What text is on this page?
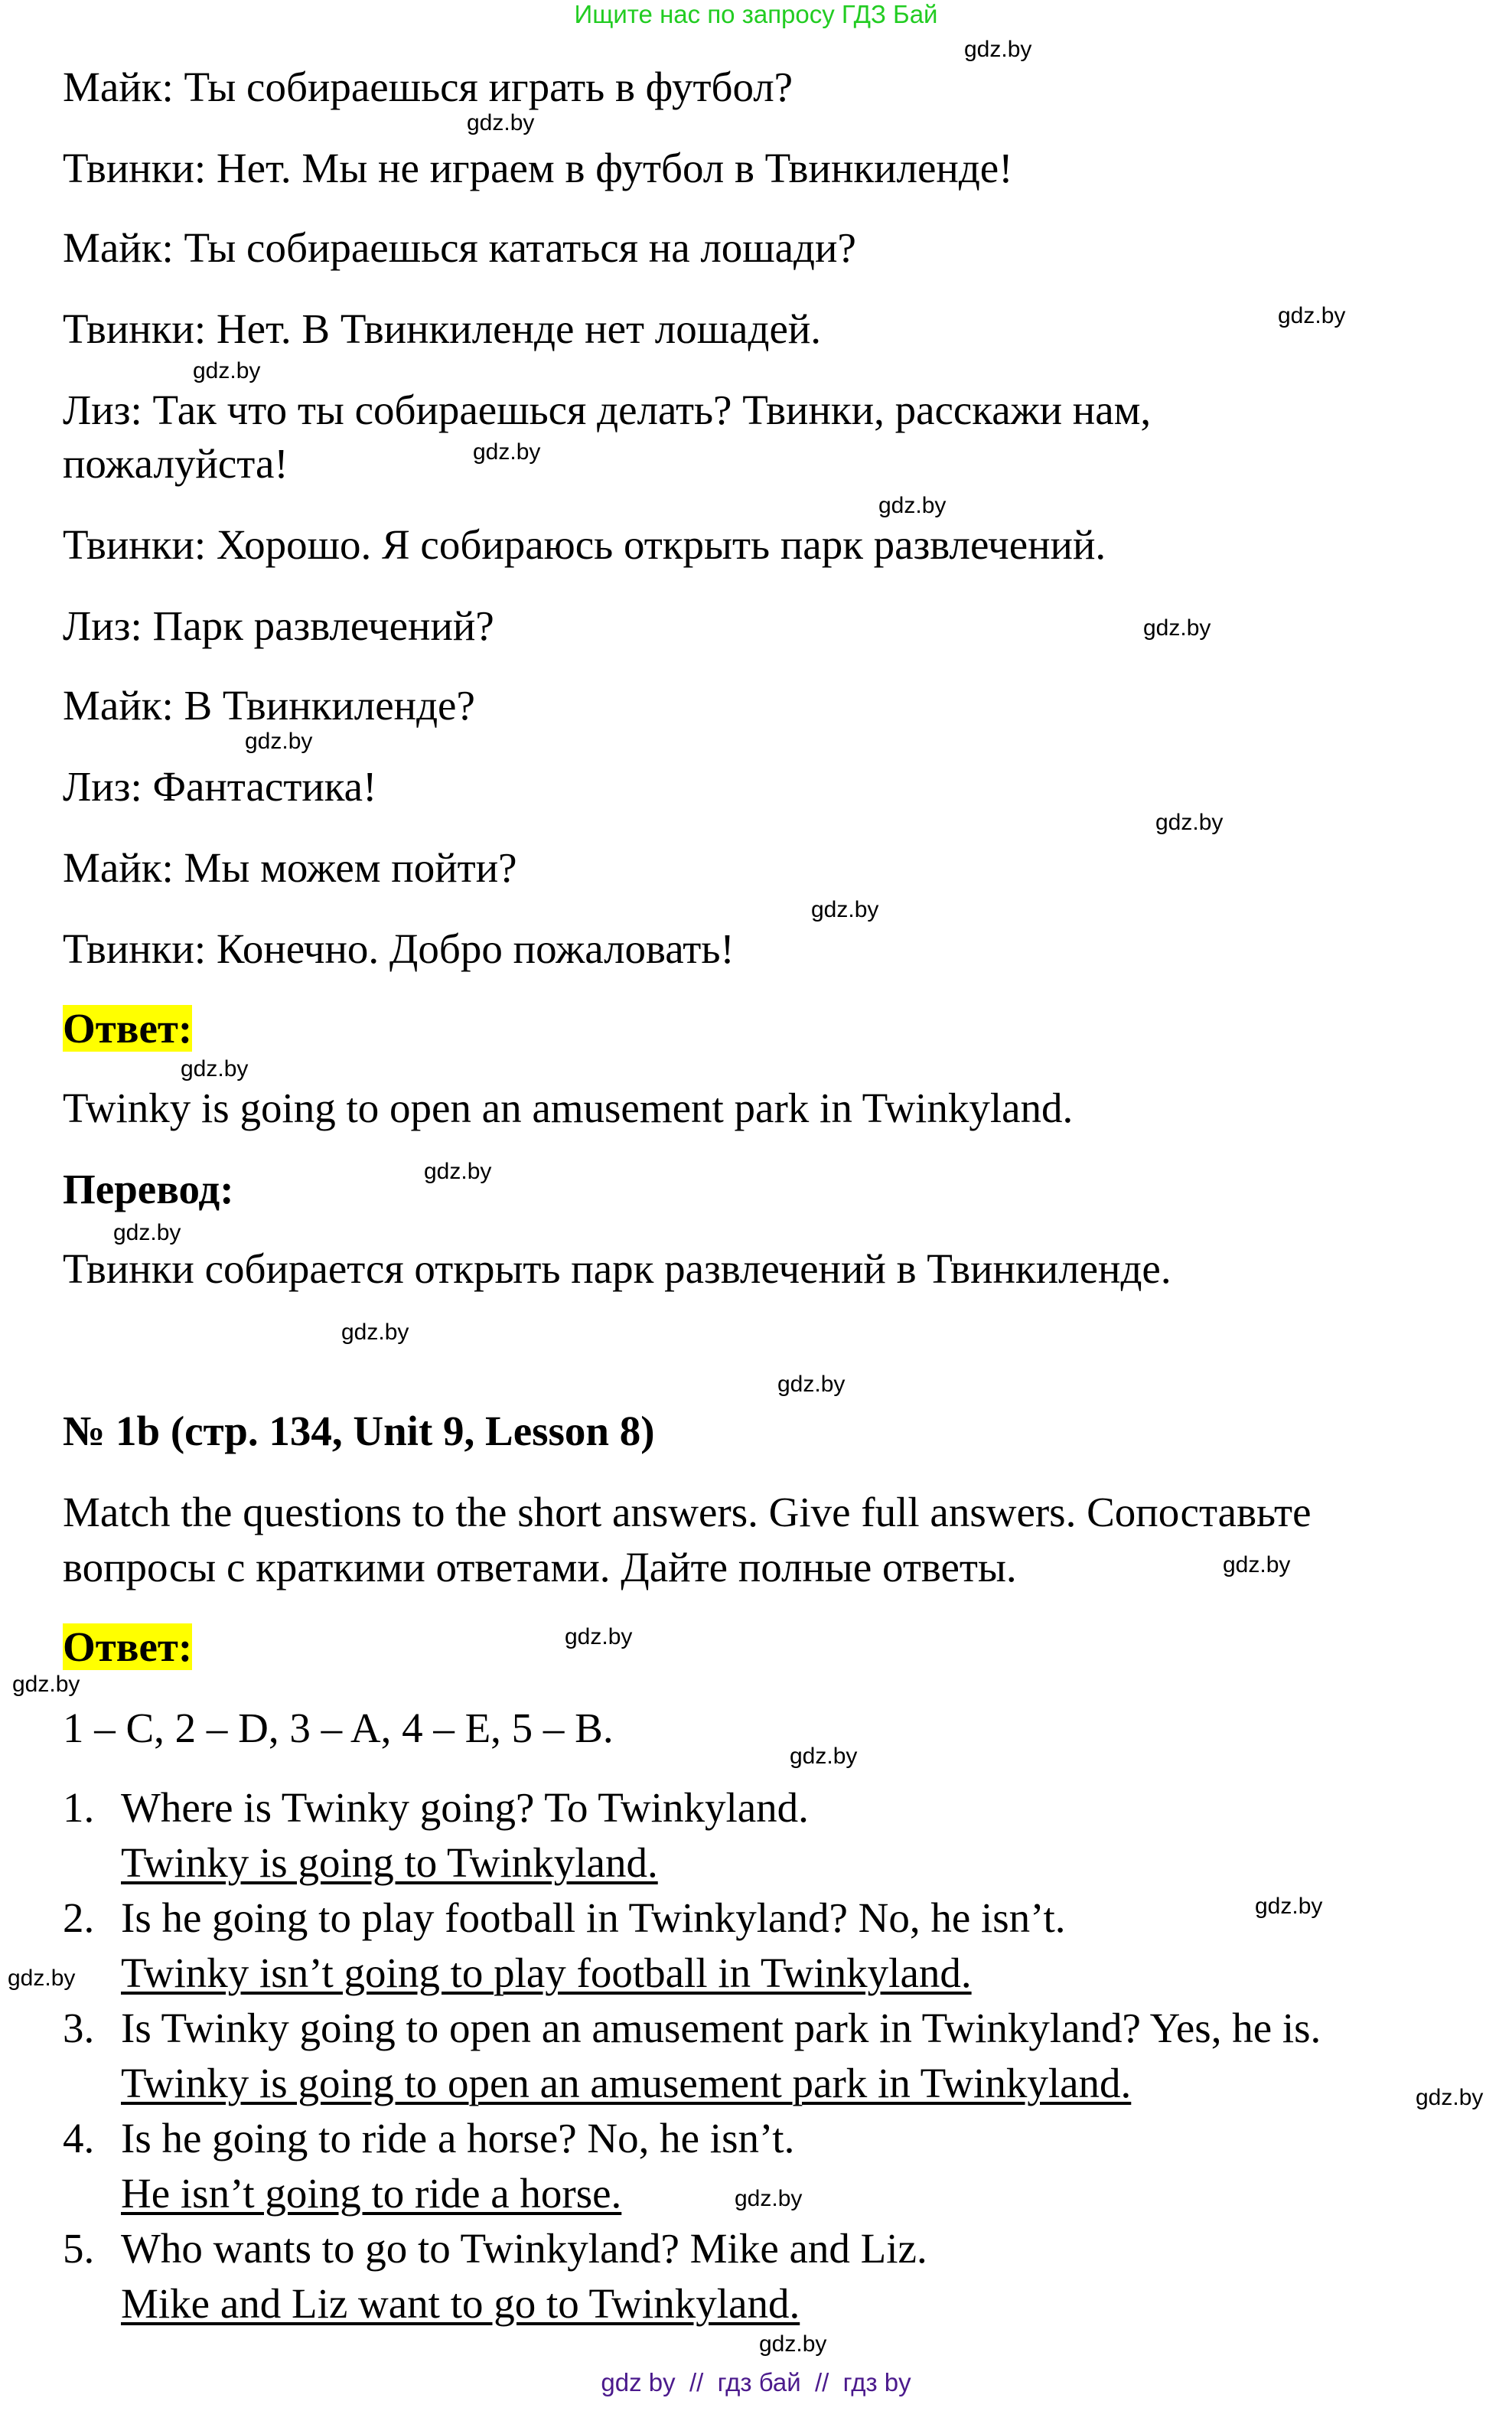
Ищите нас по запросу ГДЗ Бай
Майк: Ты собираешься играть в футбол?
Твинки: Нет. Мы не играем в футбол в Твинкиленде!
Майк: Ты собираешься кататься на лошади?
Твинки: Нет. В Твинкиленде нет лошадей.
Лиз: Так что ты собираешься делать? Твинки, расскажи нам,
пожалуйста!
Твинки: Хорошо. Я собираюсь открыть парк развлечений.
Лиз: Парк развлечений?
Майк: В Твинкиленде?
Лиз: Фантастика!
Майк: Мы можем пойти?
Твинки: Конечно. Добро пожаловать!
Ответ:
Twinky is going to open an amusement park in Twinkyland.
Перевод:
Твинки собирается открыть парк развлечений в Твинкиленде.
№ 1b (стр. 134, Unit 9, Lesson 8)
Match the questions to the short answers. Give full answers. Сопоставьте
вопросы с краткими ответами. Дайте полные ответы.
Ответ:
1 – C, 2 – D, 3 – A, 4 – E, 5 – B.
1. Where is Twinky going? To Twinkyland.
Twinky is going to Twinkyland.
2. Is he going to play football in Twinkyland? No, he isn’t.
Twinky isn’t going to play football in Twinkyland.
3. Is Twinky going to open an amusement park in Twinkyland? Yes, he is.
Twinky is going to open an amusement park in Twinkyland.
4. Is he going to ride a horse? No, he isn’t.
He isn’t going to ride a horse.
5. Who wants to go to Twinkyland? Mike and Liz.
Mike and Liz want to go to Twinkyland.
gdz.by
gdz.by
gdz.by
gdz.by
gdz.by
gdz.by
gdz.by
gdz.by
gdz.by
gdz.by
gdz.by
gdz.by
gdz.by
gdz.by
gdz.by
gdz.by
gdz.by
gdz.by
gdz.by
gdz.by
gdz.by
gdz.by
gdz.by
gdz.by
gdz by  //  гдз бай  //  гдз by
